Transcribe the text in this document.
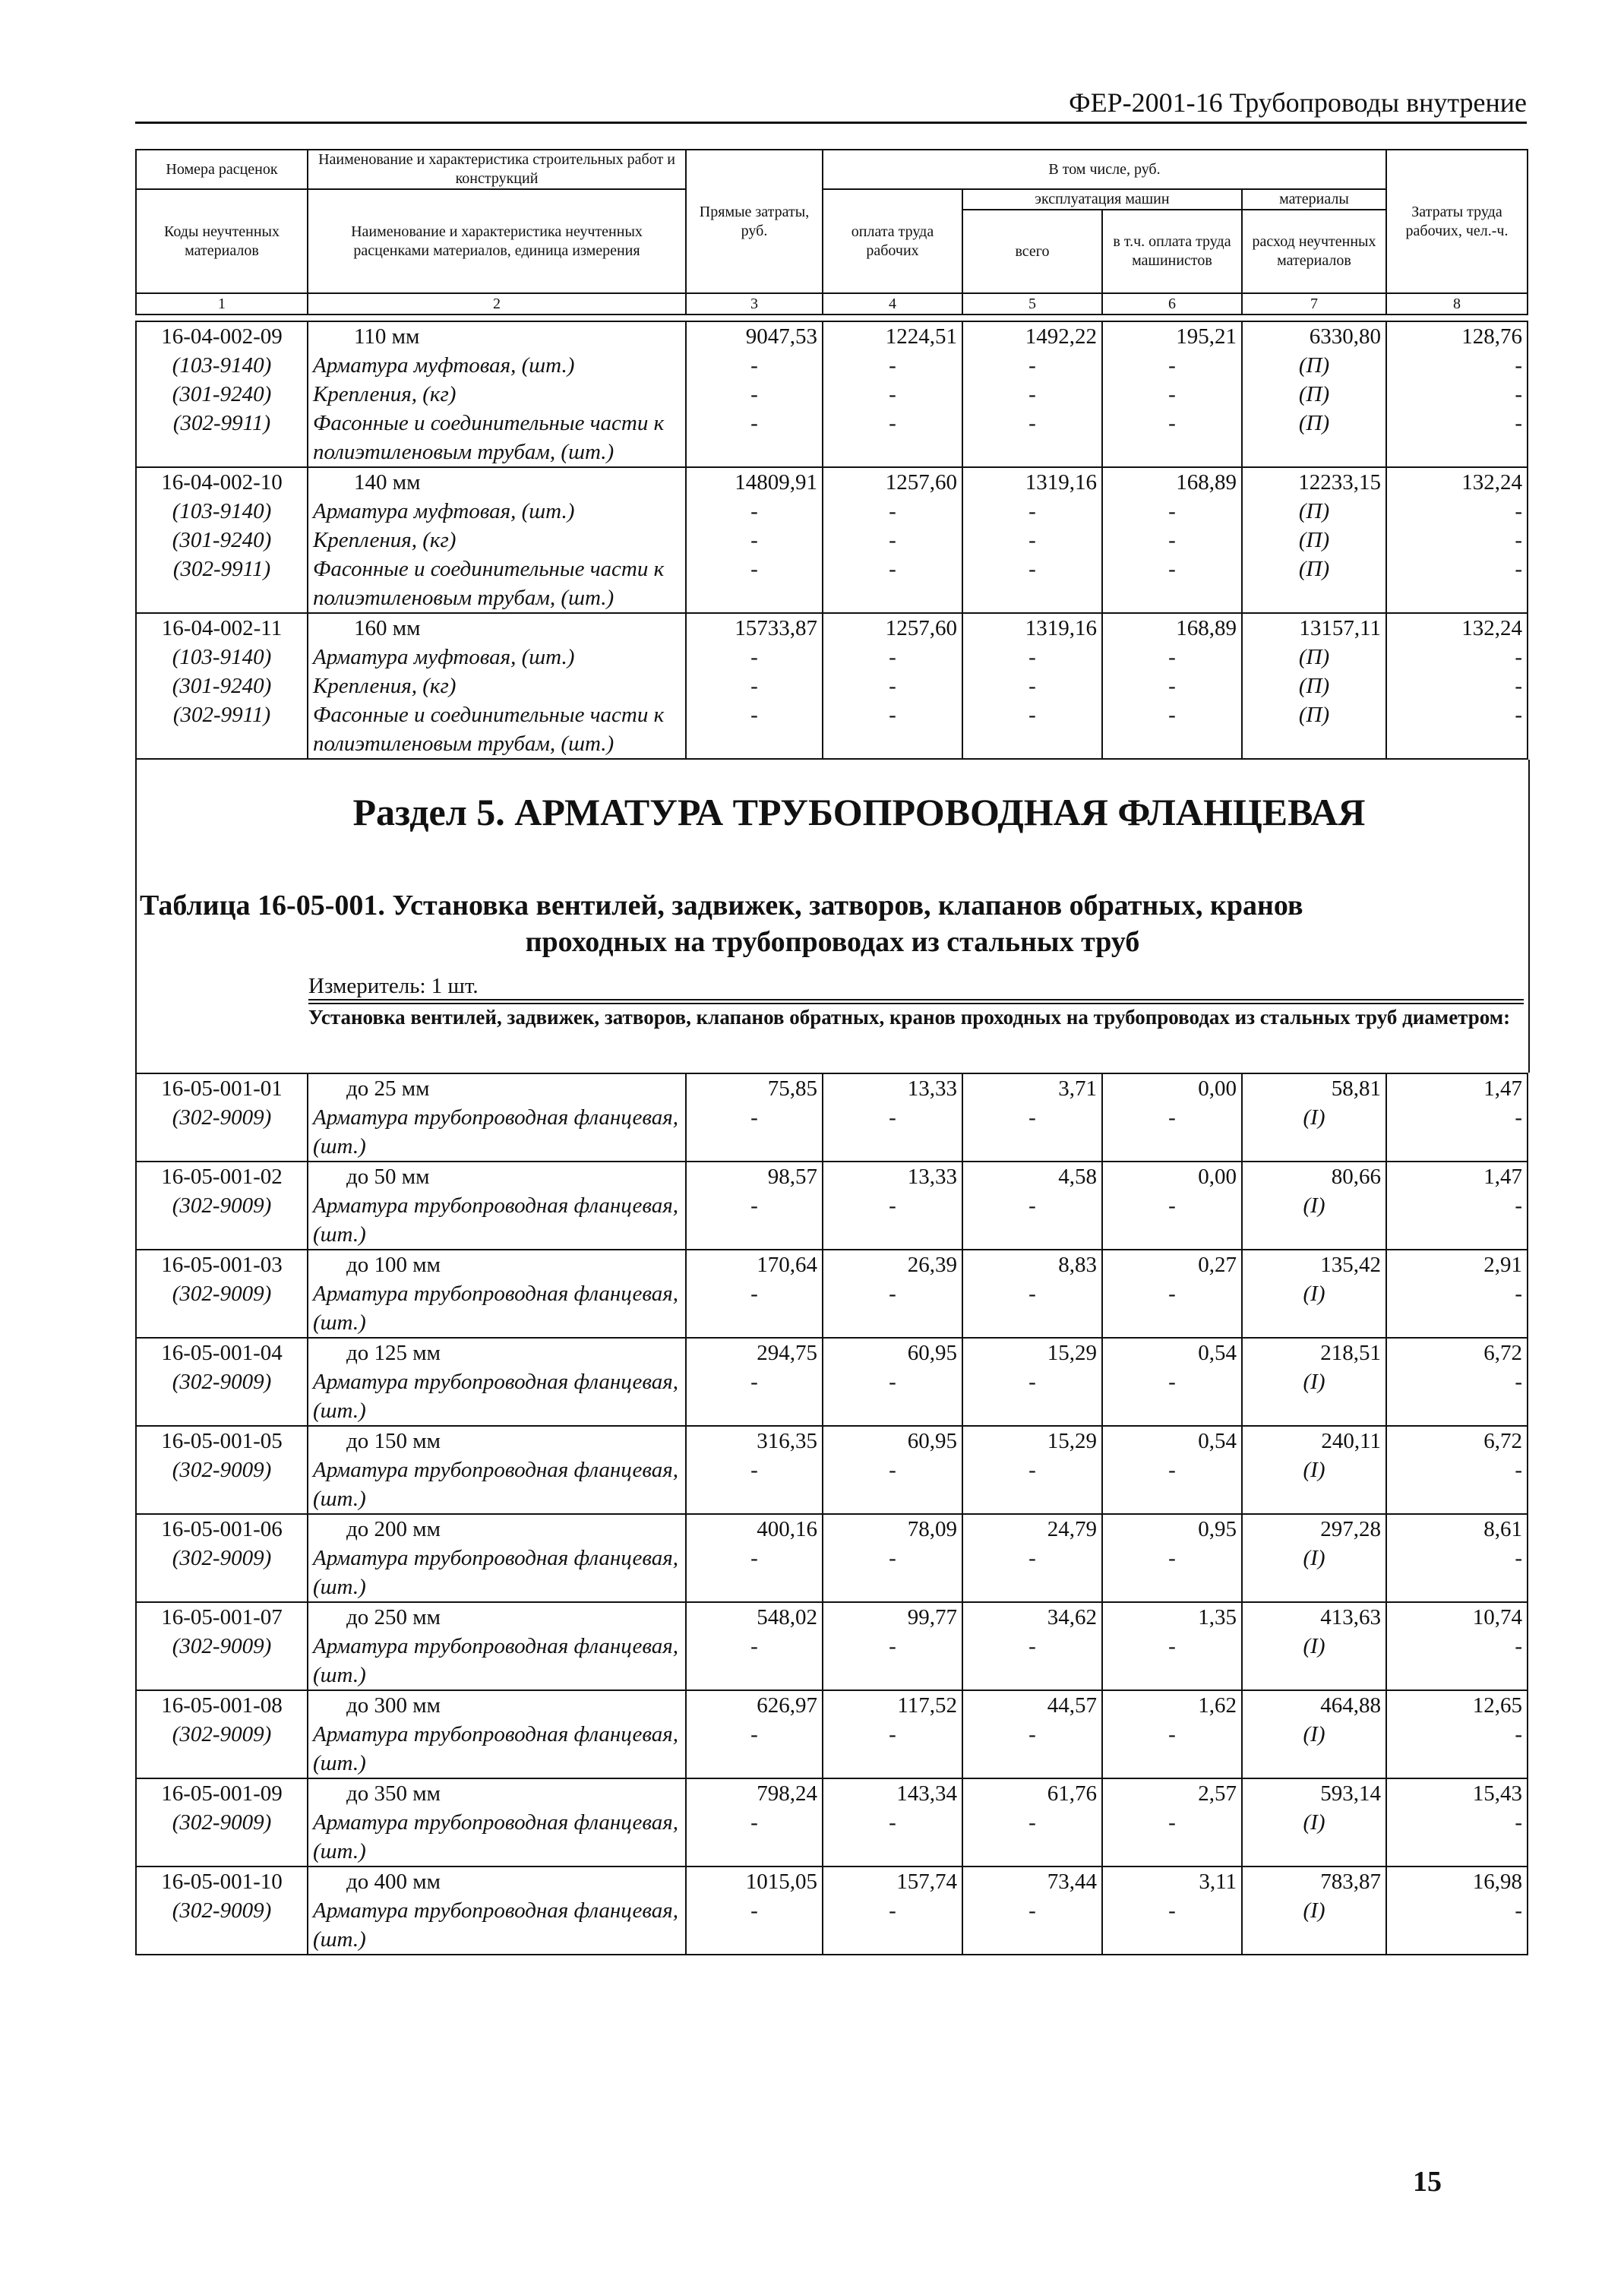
ФЕР-2001-16 Трубопроводы внутрение
Номера расценок	Наименование и характеристика строительных работ и конструкций	Прямые затраты, руб.	В том числе, руб.				Затраты труда рабочих, чел.-ч.
Коды неучтенных материалов	Наименование и характеристика неучтенных расценками материалов, единица измерения		оплата труда рабочих	эксплуатация машин		материалы	
				всего	в т.ч. оплата труда машинистов	расход неучтенных материалов	
1	2	3	4	5	6	7	8
16-04-002-09	110 мм	9047,53	1224,51	1492,22	195,21	6330,80	128,76
(103-9140)	Арматура муфтовая, (шт.)	-	-	-	-	(П)	-
(301-9240)	Крепления, (кг)	-	-	-	-	(П)	-
(302-9911)	Фасонные и соединительные части к полиэтиленовым трубам, (шт.)	-	-	-	-	(П)	-
16-04-002-10	140 мм	14809,91	1257,60	1319,16	168,89	12233,15	132,24
(103-9140)	Арматура муфтовая, (шт.)	-	-	-	-	(П)	-
(301-9240)	Крепления, (кг)	-	-	-	-	(П)	-
(302-9911)	Фасонные и соединительные части к полиэтиленовым трубам, (шт.)	-	-	-	-	(П)	-
16-04-002-11	160 мм	15733,87	1257,60	1319,16	168,89	13157,11	132,24
(103-9140)	Арматура муфтовая, (шт.)	-	-	-	-	(П)	-
(301-9240)	Крепления, (кг)	-	-	-	-	(П)	-
(302-9911)	Фасонные и соединительные части к полиэтиленовым трубам, (шт.)	-	-	-	-	(П)	-
Раздел 5. АРМАТУРА ТРУБОПРОВОДНАЯ ФЛАНЦЕВАЯ
Таблица 16-05-001. Установка вентилей, задвижек, затворов, клапанов обратных, кранов
проходных на трубопроводах из стальных труб
Измеритель: 1 шт.
Установка вентилей, задвижек, затворов, клапанов обратных, кранов проходных на трубопроводах из стальных труб диаметром:
16-05-001-01	до 25 мм	75,85	13,33	3,71	0,00	58,81	1,47
(302-9009)	Арматура трубопроводная фланцевая, (шт.)	-	-	-	-	(I)	-
16-05-001-02	до 50 мм	98,57	13,33	4,58	0,00	80,66	1,47
(302-9009)	Арматура трубопроводная фланцевая, (шт.)	-	-	-	-	(I)	-
16-05-001-03	до 100 мм	170,64	26,39	8,83	0,27	135,42	2,91
(302-9009)	Арматура трубопроводная фланцевая, (шт.)	-	-	-	-	(I)	-
16-05-001-04	до 125 мм	294,75	60,95	15,29	0,54	218,51	6,72
(302-9009)	Арматура трубопроводная фланцевая, (шт.)	-	-	-	-	(I)	-
16-05-001-05	до 150 мм	316,35	60,95	15,29	0,54	240,11	6,72
(302-9009)	Арматура трубопроводная фланцевая, (шт.)	-	-	-	-	(I)	-
16-05-001-06	до 200 мм	400,16	78,09	24,79	0,95	297,28	8,61
(302-9009)	Арматура трубопроводная фланцевая, (шт.)	-	-	-	-	(I)	-
16-05-001-07	до 250 мм	548,02	99,77	34,62	1,35	413,63	10,74
(302-9009)	Арматура трубопроводная фланцевая, (шт.)	-	-	-	-	(I)	-
16-05-001-08	до 300 мм	626,97	117,52	44,57	1,62	464,88	12,65
(302-9009)	Арматура трубопроводная фланцевая, (шт.)	-	-	-	-	(I)	-
16-05-001-09	до 350 мм	798,24	143,34	61,76	2,57	593,14	15,43
(302-9009)	Арматура трубопроводная фланцевая, (шт.)	-	-	-	-	(I)	-
16-05-001-10	до 400 мм	1015,05	157,74	73,44	3,11	783,87	16,98
(302-9009)	Арматура трубопроводная фланцевая, (шт.)	-	-	-	-	(I)	-
15
